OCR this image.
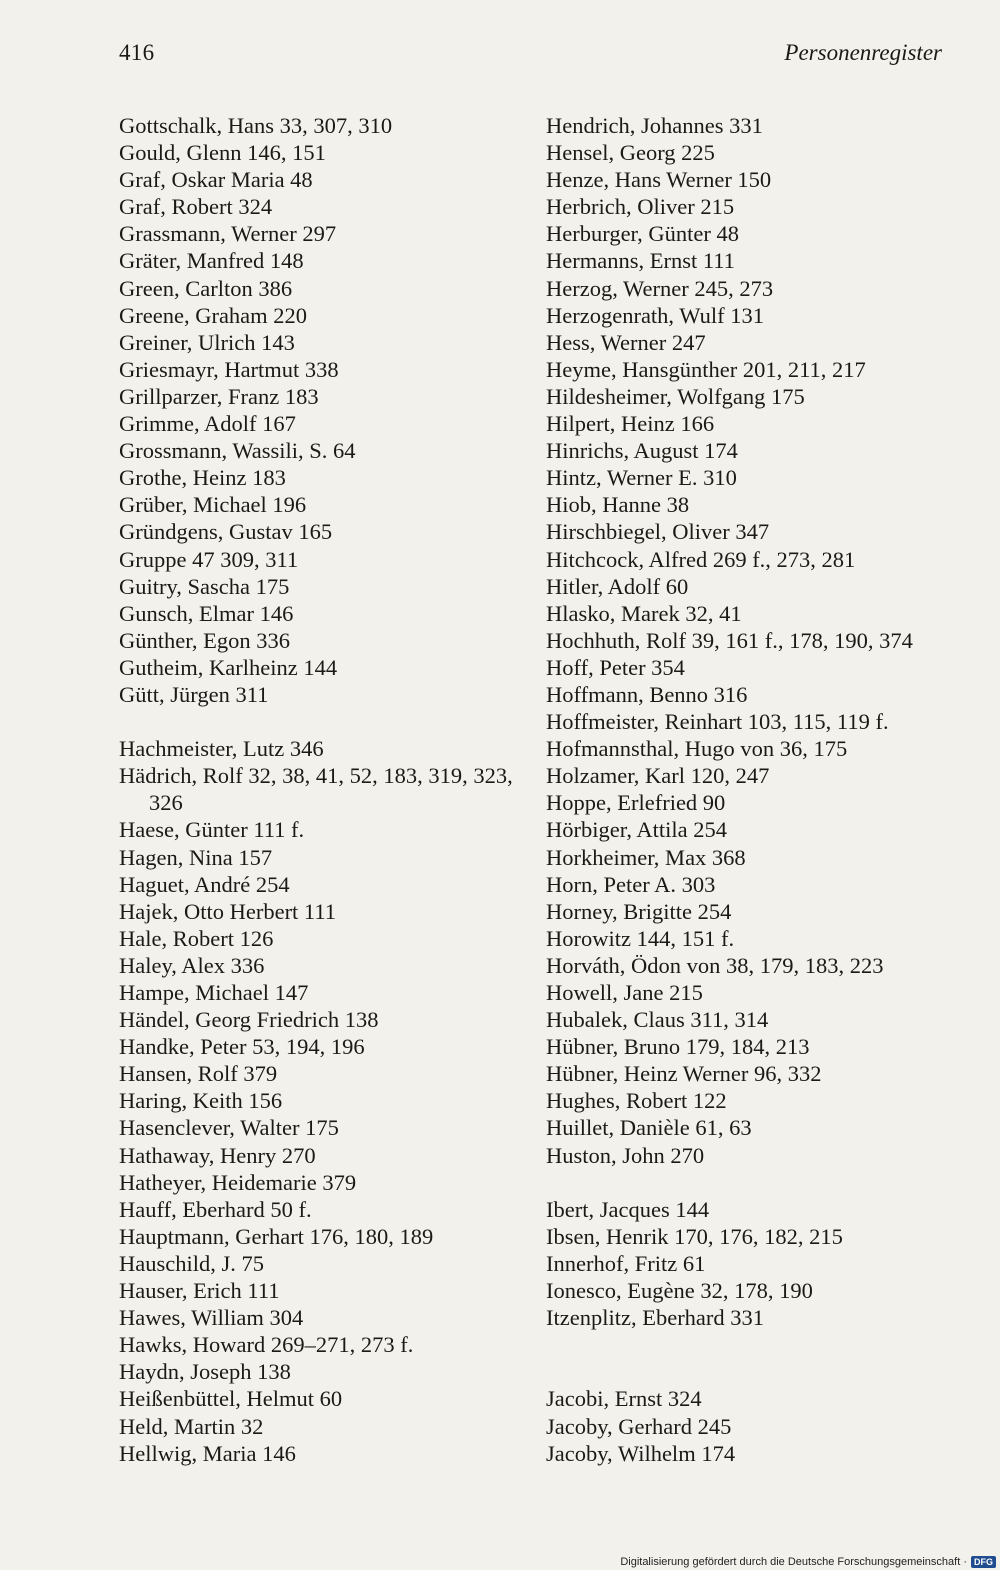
416	Personenregister
Gottschalk, Hans 33, 307, 310
Gould, Glenn 146, 151
Graf, Oskar Maria 48
Graf, Robert 324
Grassmann, Werner 297
Gräter, Manfred 148
Green, Carlton 386
Greene, Graham 220
Greiner, Ulrich 143
Griesmayr, Hartmut 338
Grillparzer, Franz 183
Grimme, Adolf 167
Grossmann, Wassili, S. 64
Grothe, Heinz 183
Grüber, Michael 196
Gründgens, Gustav 165
Gruppe 47 309, 311
Guitry, Sascha 175
Gunsch, Elmar 146
Günther, Egon 336
Gutheim, Karlheinz 144
Gütt, Jürgen 311
Hachmeister, Lutz 346
Hädrich, Rolf 32, 38, 41, 52, 183, 319, 323, 326
Haese, Günter 111 f.
Hagen, Nina 157
Haguet, André 254
Hajek, Otto Herbert 111
Hale, Robert 126
Haley, Alex 336
Hampe, Michael 147
Händel, Georg Friedrich 138
Handke, Peter 53, 194, 196
Hansen, Rolf 379
Haring, Keith 156
Hasenclever, Walter 175
Hathaway, Henry 270
Hatheyer, Heidemarie 379
Hauff, Eberhard 50 f.
Hauptmann, Gerhart 176, 180, 189
Hauschild, J. 75
Hauser, Erich 111
Hawes, William 304
Hawks, Howard 269–271, 273 f.
Haydn, Joseph 138
Heißenbüttel, Helmut 60
Held, Martin 32
Hellwig, Maria 146
Hendrich, Johannes 331
Hensel, Georg 225
Henze, Hans Werner 150
Herbrich, Oliver 215
Herburger, Günter 48
Hermanns, Ernst 111
Herzog, Werner 245, 273
Herzogenrath, Wulf 131
Hess, Werner 247
Heyme, Hansgünther 201, 211, 217
Hildesheimer, Wolfgang 175
Hilpert, Heinz 166
Hinrichs, August 174
Hintz, Werner E. 310
Hiob, Hanne 38
Hirschbiegel, Oliver 347
Hitchcock, Alfred 269 f., 273, 281
Hitler, Adolf 60
Hlasko, Marek 32, 41
Hochhuth, Rolf 39, 161 f., 178, 190, 374
Hoff, Peter 354
Hoffmann, Benno 316
Hoffmeister, Reinhart 103, 115, 119 f.
Hofmannsthal, Hugo von 36, 175
Holzamer, Karl 120, 247
Hoppe, Erlefried 90
Hörbiger, Attila 254
Horkheimer, Max 368
Horn, Peter A. 303
Horney, Brigitte 254
Horowitz 144, 151 f.
Horváth, Ödon von 38, 179, 183, 223
Howell, Jane 215
Hubalek, Claus 311, 314
Hübner, Bruno 179, 184, 213
Hübner, Heinz Werner 96, 332
Hughes, Robert 122
Huillet, Danièle 61, 63
Huston, John 270
Ibert, Jacques 144
Ibsen, Henrik 170, 176, 182, 215
Innerhof, Fritz 61
Ionesco, Eugène 32, 178, 190
Itzenplitz, Eberhard 331
Jacobi, Ernst 324
Jacoby, Gerhard 245
Jacoby, Wilhelm 174
Digitalisierung gefördert durch die Deutsche Forschungsgemeinschaft · DFG
